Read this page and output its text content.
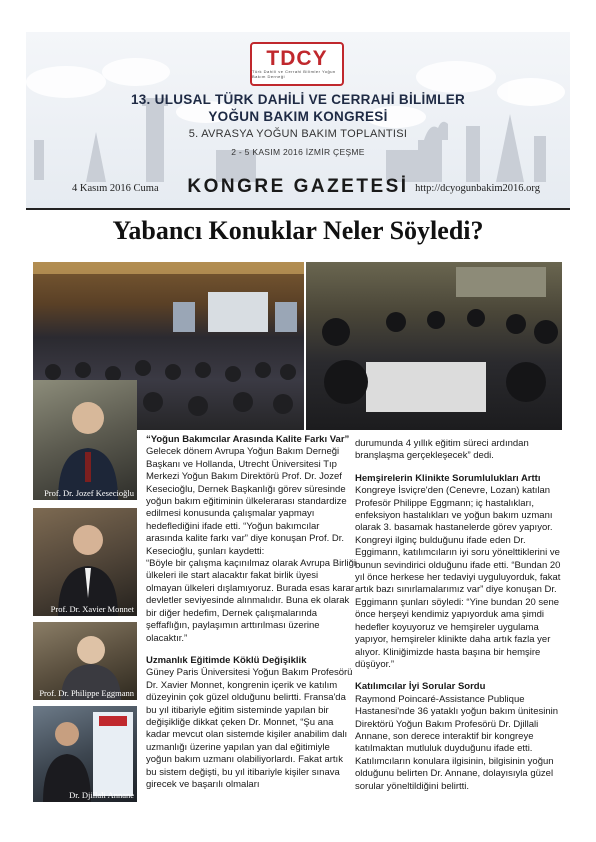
TDCY
Türk Dahili ve Cerrahi Bilimler Yoğun Bakım Derneği
13. ULUSAL TÜRK DAHİLİ VE CERRAHİ BİLİMLER
YOĞUN BAKIM KONGRESİ
5. AVRASYA YOĞUN BAKIM TOPLANTISI
2 - 5 KASIM 2016 İZMİR ÇEŞME
4 Kasım 2016 Cuma	KONGRE GAZETESİ http://dcyogunbakim2016.org
Yabancı Konuklar Neler Söyledi?
Prof. Dr. Jozef Kesecioğlu
Prof. Dr. Xavier Monnet
Prof. Dr. Philippe Eggmann
Dr. Djillali Annane

“Yoğun Bakımcılar Arasında Kalite Farkı Var”

Gelecek dönem Avrupa Yoğun Bakım Derneği Başkanı ve Hollanda, Utrecht Üniversitesi Tıp Merkezi Yoğun Bakım Direktörü Prof. Dr. Jozef Kesecioğlu, Dernek Başkanlığı görev süresinde yoğun bakım eğitiminin ülkelerarası standardize edilmesi konusunda çalışmalar yapmayı hedeflediğini ifade etti. “Yoğun bakımcılar arasında kalite farkı var” diye konuşan Prof. Dr. Kesecioğlu, şunları kaydetti:

“Böyle bir çalışma kaçınılmaz olarak Avrupa Birliği ülkeleri ile start alacaktır fakat birlik üyesi olmayan ülkeleri dışlamıyoruz. Burada esas karar devletler seviyesinde alınmalıdır. Buna ek olarak bir diğer hedefim, Dernek çalışmalarında şeffaflığın, paylaşımın arttırılması üzerine olacaktır.”

Uzmanlık Eğitimde Köklü Değişiklik

Güney Paris Üniversitesi Yoğun Bakım Profesörü Dr. Xavier Monnet, kongrenin içerik ve katılım düzeyinin çok güzel olduğunu belirtti. Fransa'da bu yıl itibariyle eğitim sisteminde yapılan bir değişikliğe dikkat çeken Dr. Monnet, “Şu ana kadar mevcut olan sistemde kişiler anabilim dalı uzmanlığı üzerine yapılan yan dal eğitimiyle yoğun bakım uzmanı olabiliyorlardı. Fakat artık bu sistem değişti, bu yıl itibariyle kişiler sınava girecek ve başarılı olmaları

durumunda 4 yıllık eğitim süreci ardından branşlaşma gerçekleşecek” dedi.

Hemşirelerin Klinikte Sorumlulukları Arttı

Kongreye İsviçre'den (Cenevre, Lozan) katılan Profesör Philippe Eggmann; iç hastalıkları, enfeksiyon hastalıkları ve yoğun bakım uzmanı olarak 3. basamak hastanelerde görev yapıyor. Kongreyi ilginç bulduğunu ifade eden Dr. Eggimann, katılımcıların iyi soru yönelttiklerini ve bunun sevindirici olduğunu ifade etti. “Bundan 20 yıl önce herkese her tedaviyi uyguluyorduk, fakat artık bazı sınırlamalarımız var” diye konuşan Dr. Eggimann şunları söyledi: “Yine bundan 20 sene önce herşeyi kendimiz yapıyorduk ama şimdi hedefler koyuyoruz ve hemşireler uygulama yapıyor, hemşireler klinikte daha artık fazla yer alıyor. Kliniğimizde hasta başına bir hemşire düşüyor.”

Katılımcılar İyi Sorular Sordu

Raymond Poincaré-Assistance Publique Hastanesi'nde 36 yataklı yoğun bakım ünitesinin Direktörü Yoğun Bakım Profesörü Dr. Djillali Annane, son derece interaktif bir kongreye katılmaktan mutluluk duyduğunu ifade etti. Katılımcıların konulara ilgisinin, bilgisinin yoğun olduğunu belirten Dr. Annane, dolayısıyla güzel sorular yöneltildiğini belirtti.
